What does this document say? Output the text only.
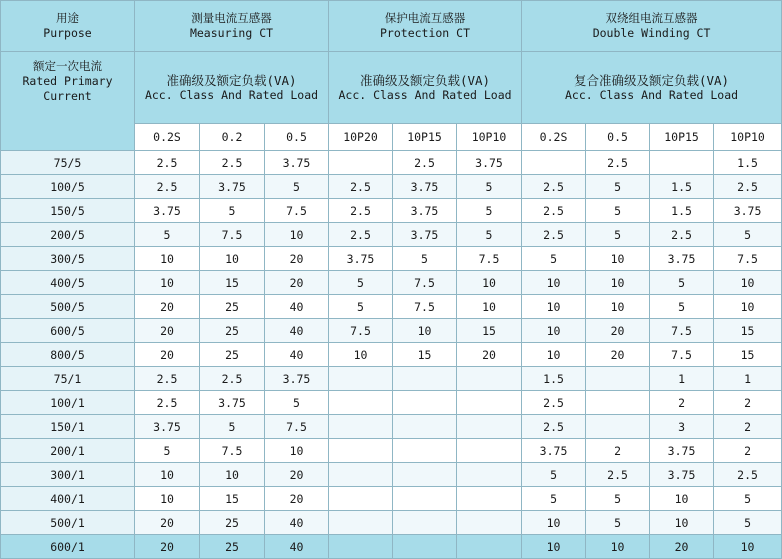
用途
Purpose	测量电流互感器
Measuring CT			保护电流互感器
Protection CT			双绕组电流互感器
Double Winding CT			

额定一次电流
Rated Primary
Current	准确级及额定负载(VA)
Acc. Class And Rated Load			准确级及额定负载(VA)
Acc. Class And Rated Load			复合准确级及额定负载(VA)
Acc. Class And Rated Load			

	0.2S	0.2	0.5	10P20	10P15	10P10	0.2S	0.5	10P15	10P10
75/5	2.5	2.5	3.75		2.5	3.75		2.5		1.5
100/5	2.5	3.75	5	2.5	3.75	5	2.5	5	1.5	2.5
150/5	3.75	5	7.5	2.5	3.75	5	2.5	5	1.5	3.75
200/5	5	7.5	10	2.5	3.75	5	2.5	5	2.5	5
300/5	10	10	20	3.75	5	7.5	5	10	3.75	7.5
400/5	10	15	20	5	7.5	10	10	10	5	10
500/5	20	25	40	5	7.5	10	10	10	5	10
600/5	20	25	40	7.5	10	15	10	20	7.5	15
800/5	20	25	40	10	15	20	10	20	7.5	15
75/1	2.5	2.5	3.75				1.5		1	1
100/1	2.5	3.75	5				2.5		2	2
150/1	3.75	5	7.5				2.5		3	2
200/1	5	7.5	10				3.75	2	3.75	2
300/1	10	10	20				5	2.5	3.75	2.5
400/1	10	15	20				5	5	10	5
500/1	20	25	40				10	5	10	5
600/1	20	25	40				10	10	20	10
